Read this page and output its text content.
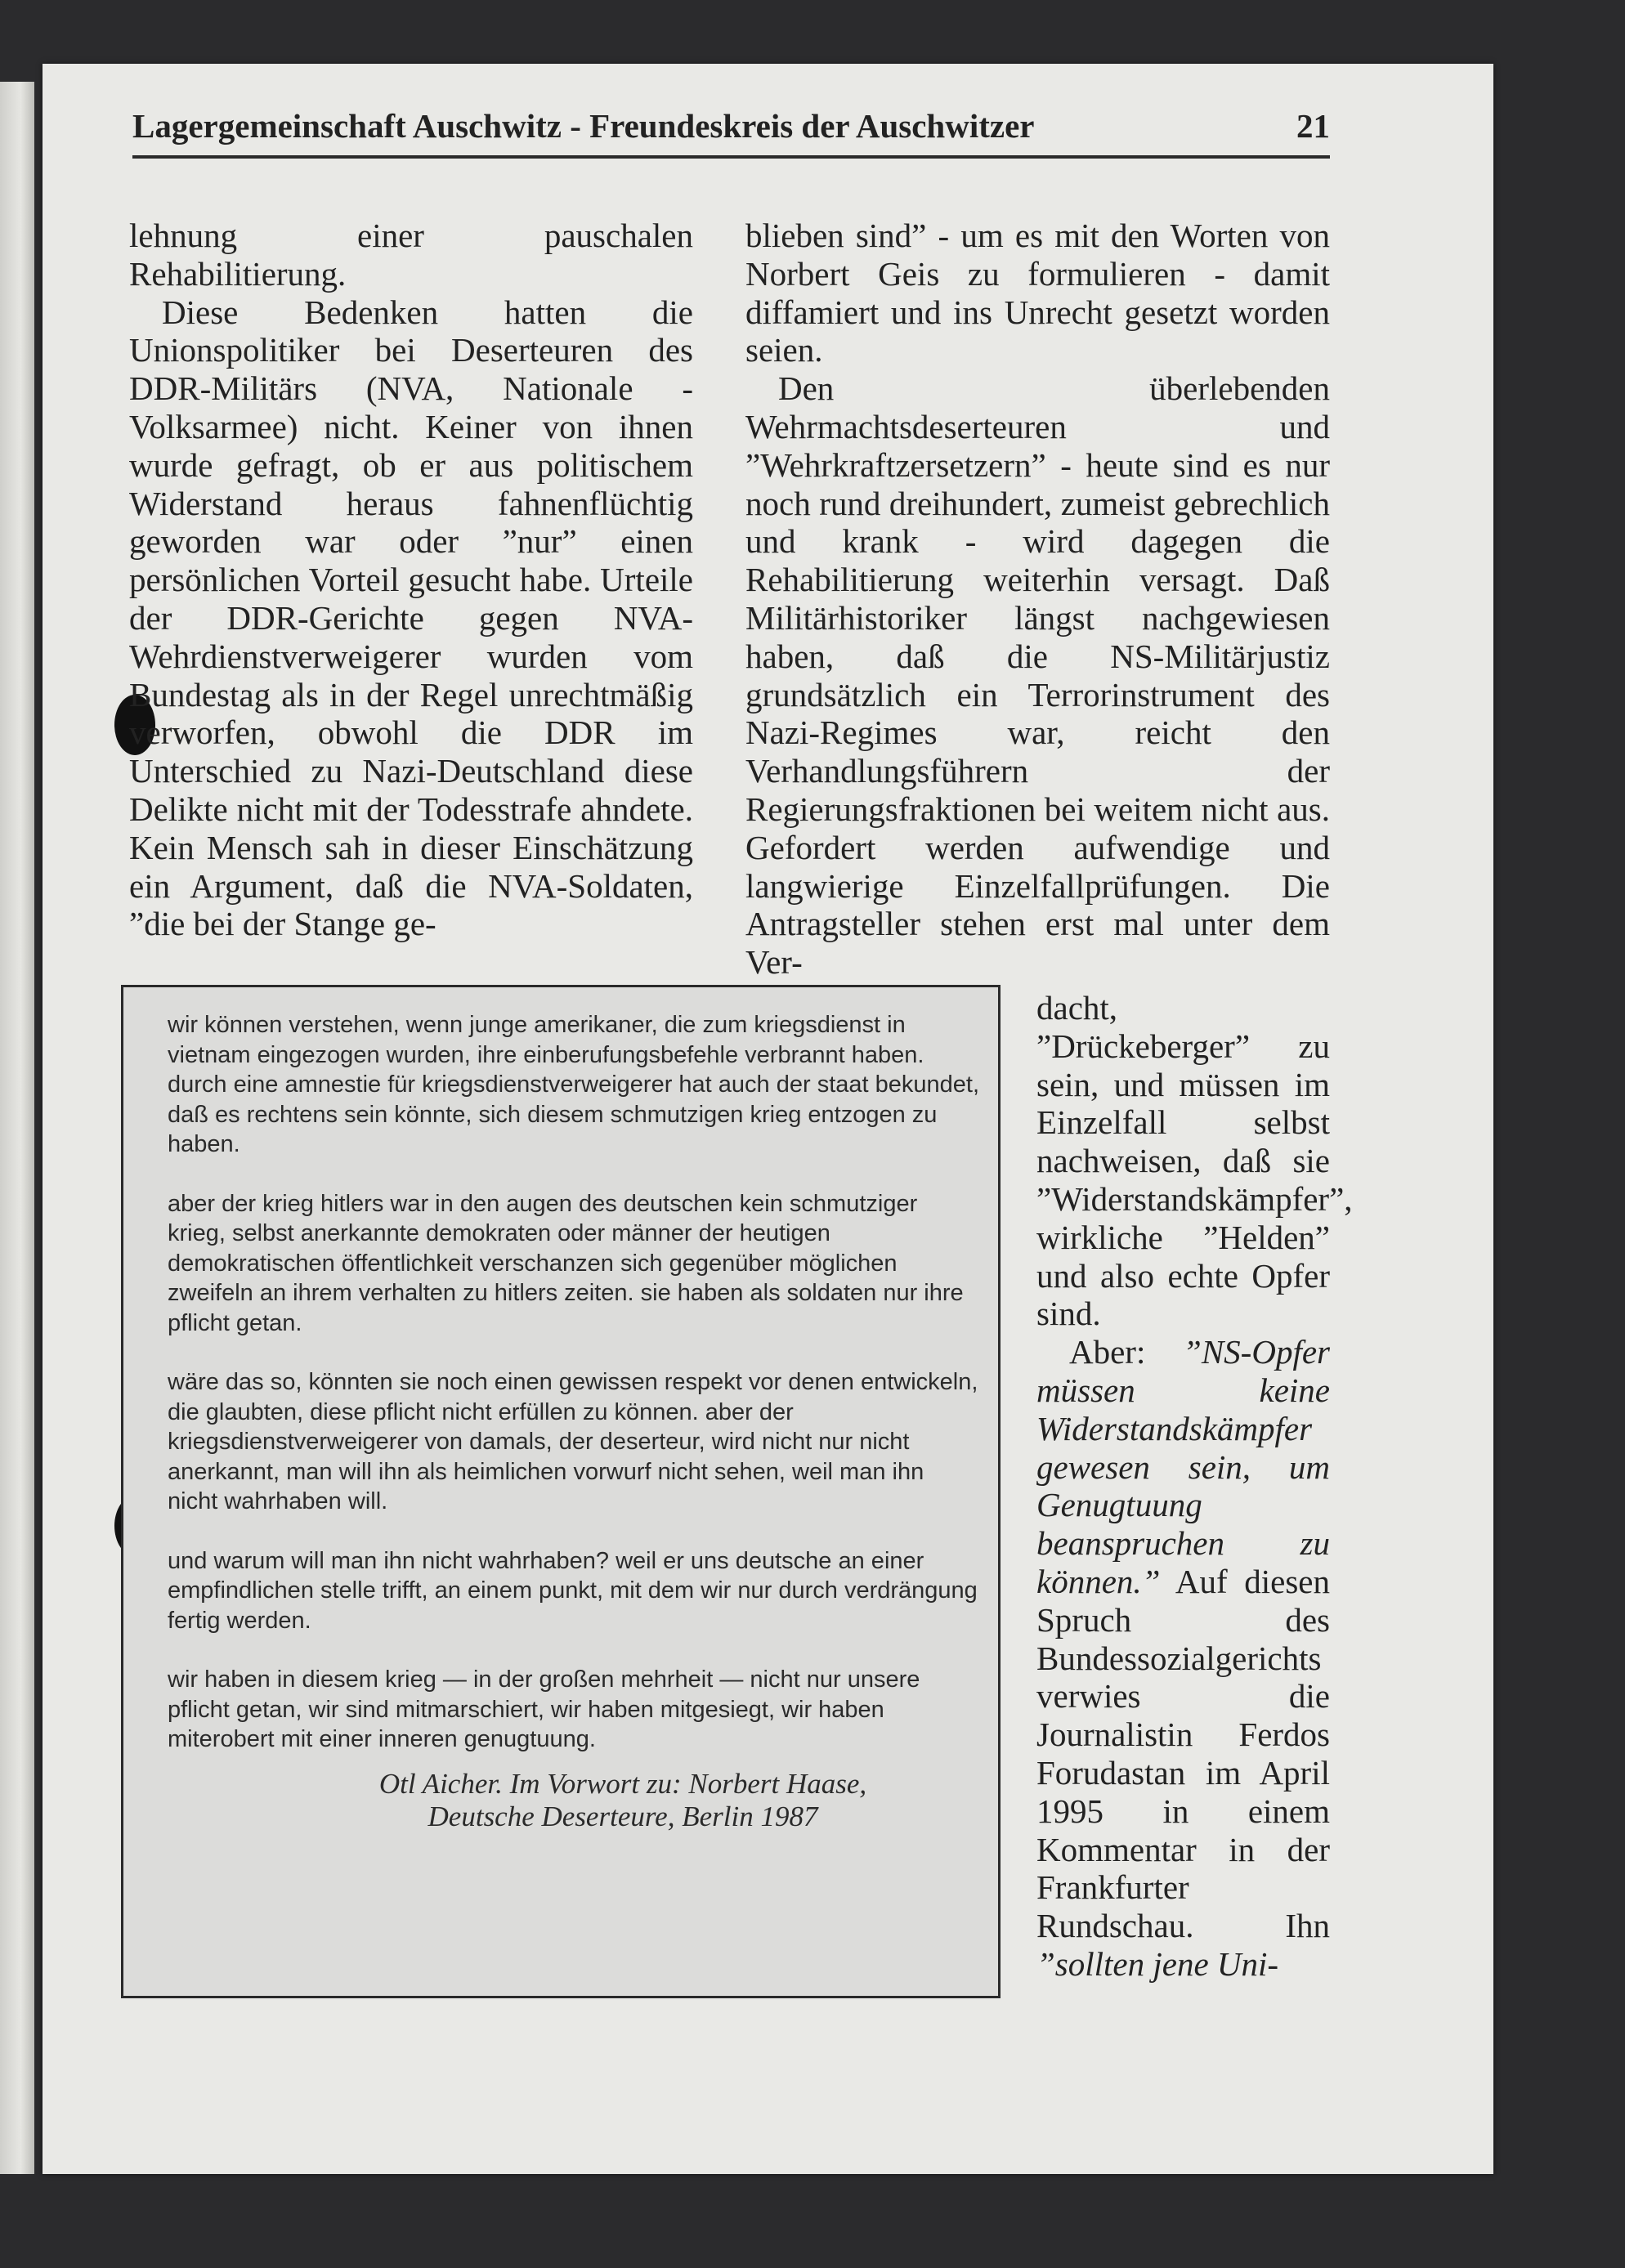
Lagergemeinschaft Auschwitz - Freundeskreis der Auschwitzer	21

lehnung einer pauschalen Rehabilitierung.

Diese Bedenken hatten die Unionspolitiker bei Deserteuren des DDR-Militärs (NVA, Nationale - Volksarmee) nicht. Keiner von ihnen wurde gefragt, ob er aus politischem Widerstand heraus fahnenflüchtig geworden war oder ”nur” einen persönlichen Vorteil gesucht habe. Urteile der DDR-Gerichte gegen NVA-Wehrdienstverweigerer wurden vom Bundestag als in der Regel unrechtmäßig verworfen, obwohl die DDR im Unterschied zu Nazi-Deutschland diese Delikte nicht mit der Todesstrafe ahndete. Kein Mensch sah in dieser Einschätzung ein Argument, daß die NVA-Soldaten, ”die bei der Stange ge-

blieben sind” - um es mit den Worten von Norbert Geis zu formulieren - damit diffamiert und ins Unrecht gesetzt worden seien.

Den überlebenden Wehrmachtsdeserteuren und ”Wehrkraftzersetzern” - heute sind es nur noch rund dreihundert, zumeist gebrechlich und krank - wird dagegen die Rehabilitierung weiterhin versagt. Daß Militärhistoriker längst nachgewiesen haben, daß die NS-Militärjustiz grundsätzlich ein Terrorinstrument des Nazi-Regimes war, reicht den Verhandlungsführern der Regierungsfraktionen bei weitem nicht aus. Gefordert werden aufwendige und langwierige Einzelfallprüfungen. Die Antragsteller stehen erst mal unter dem Ver-

wir können verstehen, wenn junge amerikaner, die zum kriegsdienst in vietnam eingezogen wurden, ihre einberufungsbefehle verbrannt haben. durch eine amnestie für kriegsdienstverweigerer hat auch der staat bekundet, daß es rechtens sein könnte, sich diesem schmutzigen krieg entzogen zu haben.

aber der krieg hitlers war in den augen des deutschen kein schmutziger krieg, selbst anerkannte demokraten oder männer der heutigen demokratischen öffentlichkeit verschanzen sich gegenüber möglichen zweifeln an ihrem verhalten zu hitlers zeiten. sie haben als soldaten nur ihre pflicht getan.

wäre das so, könnten sie noch einen gewissen respekt vor denen entwickeln, die glaubten, diese pflicht nicht erfüllen zu können. aber der kriegsdienstverweigerer von damals, der deserteur, wird nicht nur nicht anerkannt, man will ihn als heimlichen vorwurf nicht sehen, weil man ihn nicht wahrhaben will.

und warum will man ihn nicht wahrhaben? weil er uns deutsche an einer empfindlichen stelle trifft, an einem punkt, mit dem wir nur durch verdrängung fertig werden.

wir haben in diesem krieg — in der großen mehrheit — nicht nur unsere pflicht getan, wir sind mitmarschiert, wir haben mitgesiegt, wir haben miterobert mit einer inneren genugtuung.

Otl Aicher. Im Vorwort zu: Norbert Haase,
Deutsche Deserteure, Berlin 1987

dacht, ”Drückeberger” zu sein, und müssen im Einzelfall selbst nachweisen, daß sie ”Widerstandskämpfer”, wirkliche ”Helden” und also echte Opfer sind.

Aber: ”NS-Opfer müssen keine Widerstandskämpfer gewesen sein, um Genugtuung beanspruchen zu können.” Auf diesen Spruch des Bundessozialgerichts verwies die Journalistin Ferdos Forudastan im April 1995 in einem Kommentar in der Frankfurter Rundschau. Ihn ”sollten jene Uni-
